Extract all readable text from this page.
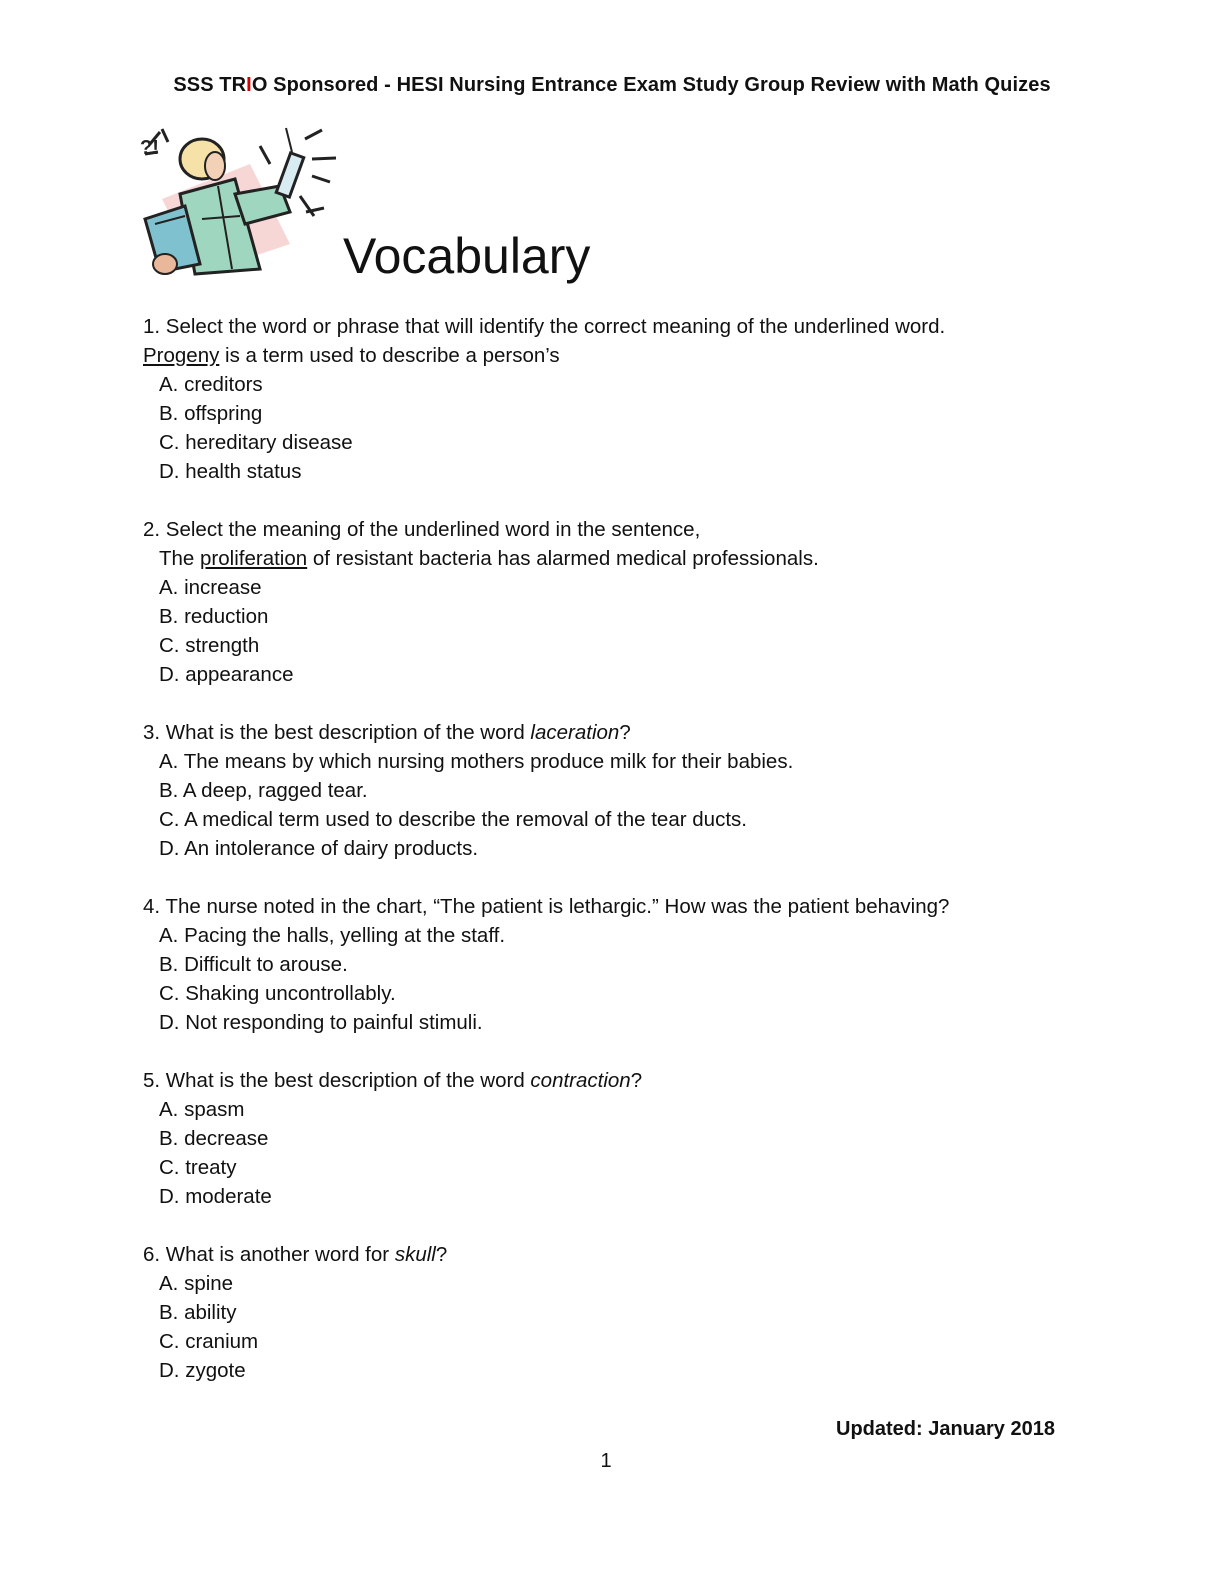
SSS TRIO Sponsored - HESI Nursing Entrance Exam Study Group Review with Math Quizes
?!
Vocabulary
1. Select the word or phrase that will identify the correct meaning of the underlined word.
Progeny is a term used to describe a person’s
A. creditors
B. offspring
C. hereditary disease
D. health status
2. Select the meaning of the underlined word in the sentence,
The proliferation of resistant bacteria has alarmed medical professionals.
A. increase
B. reduction
C. strength
D. appearance
3. What is the best description of the word laceration?
A. The means by which nursing mothers produce milk for their babies.
B. A deep, ragged tear.
C. A medical term used to describe the removal of the tear ducts.
D. An intolerance of dairy products.
4. The nurse noted in the chart, “The patient is lethargic.” How was the patient behaving?
A. Pacing the halls, yelling at the staff.
B. Difficult to arouse.
C. Shaking uncontrollably.
D. Not responding to painful stimuli.
5. What is the best description of the word contraction?
A. spasm
B. decrease
C. treaty
D. moderate
6. What is another word for skull?
A. spine
B. ability
C. cranium
D. zygote
Updated: January 2018
1
